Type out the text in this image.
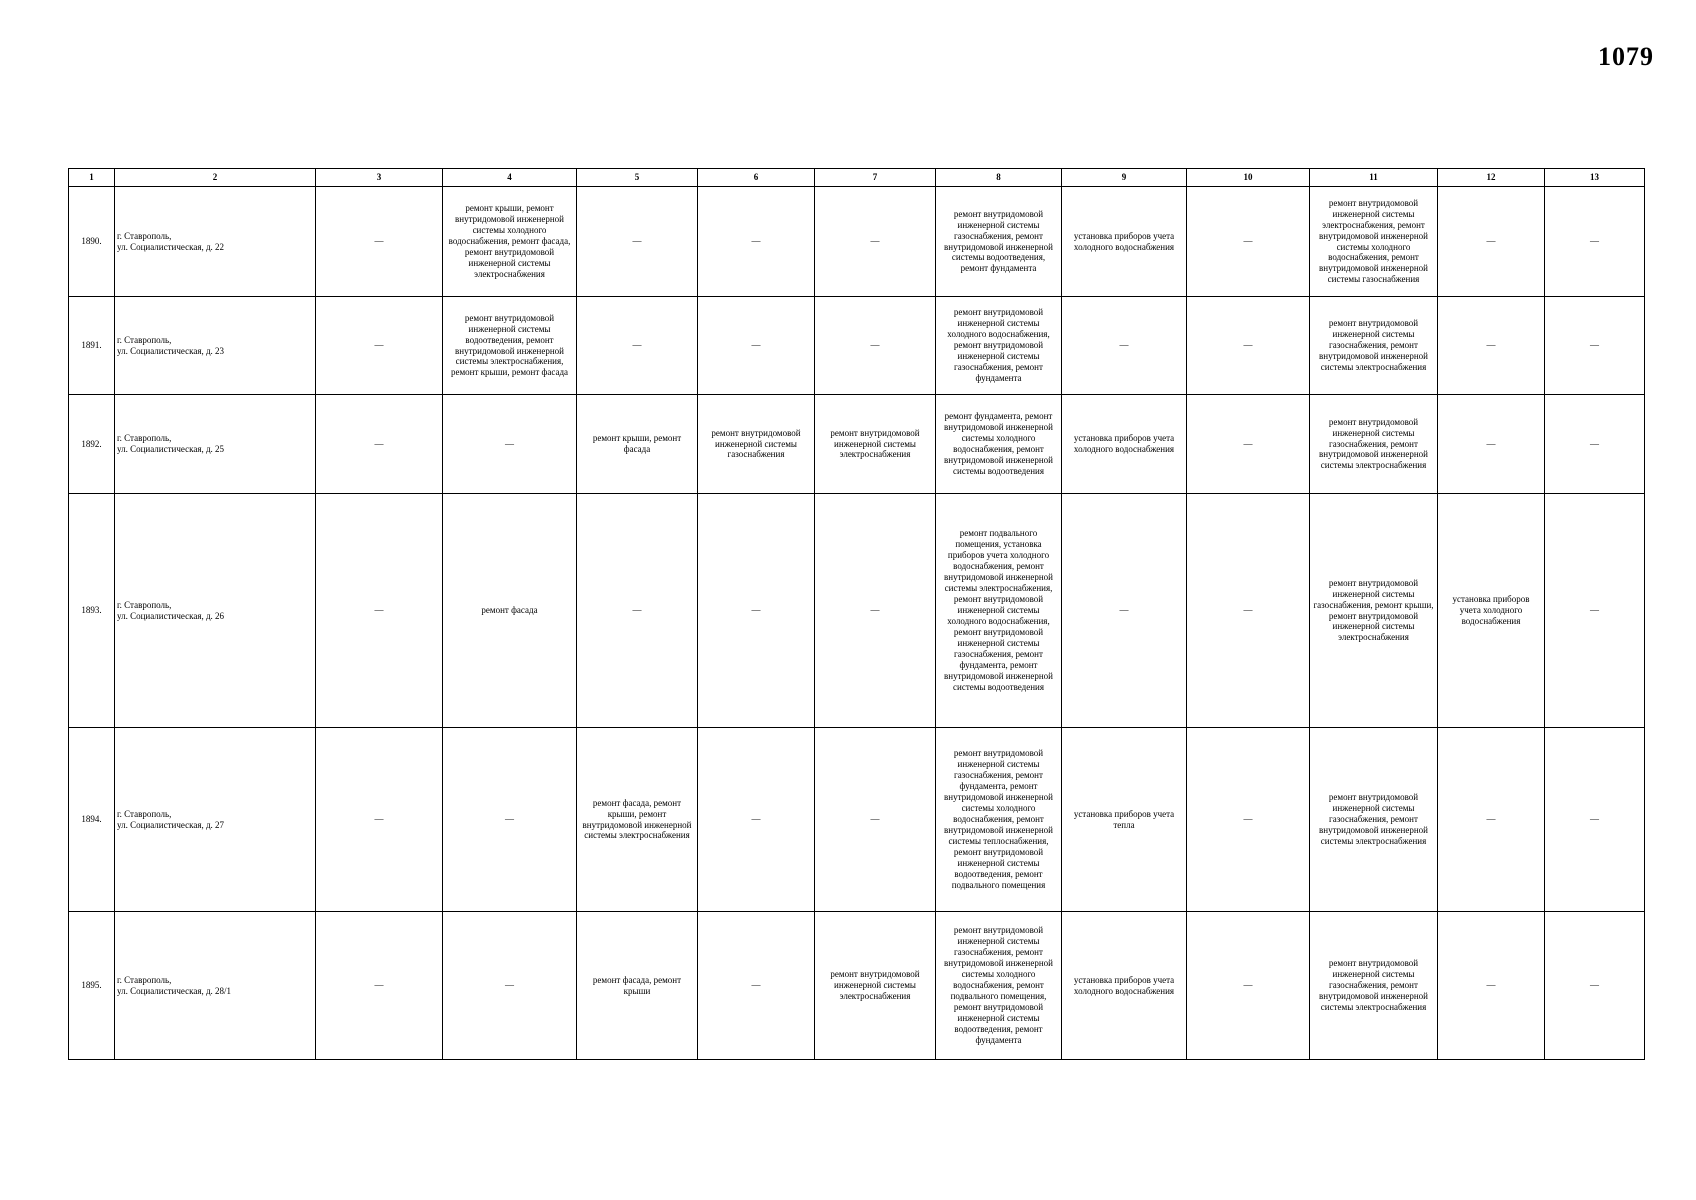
1079
1	2	3	4	5	6	7	8	9	10	11	12	13
1890.	г. Ставрополь,
ул. Социалистическая, д. 22	—	ремонт крыши, ремонт внутридомовой инженерной системы холодного водоснабжения, ремонт фасада, ремонт внутридомовой инженерной системы электроснабжения	—	—	—	ремонт внутридомовой инженерной системы газоснабжения, ремонт внутридомовой инженерной системы водоотведения, ремонт фундамента	установка приборов учета холодного водоснабжения	—	ремонт внутридомовой инженерной системы электроснабжения, ремонт внутридомовой инженерной системы холодного водоснабжения, ремонт внутридомовой инженерной системы газоснабжения	—	—
1891.	г. Ставрополь,
ул. Социалистическая, д. 23	—	ремонт внутридомовой инженерной системы водоотведения, ремонт внутридомовой инженерной системы электроснабжения, ремонт крыши, ремонт фасада	—	—	—	ремонт внутридомовой инженерной системы холодного водоснабжения, ремонт внутридомовой инженерной системы газоснабжения, ремонт фундамента	—	—	ремонт внутридомовой инженерной системы газоснабжения, ремонт внутридомовой инженерной системы электроснабжения	—	—
1892.	г. Ставрополь,
ул. Социалистическая, д. 25	—	—	ремонт крыши, ремонт фасада	ремонт внутридомовой инженерной системы газоснабжения	ремонт внутридомовой инженерной системы электроснабжения	ремонт фундамента, ремонт внутридомовой инженерной системы холодного водоснабжения, ремонт внутридомовой инженерной системы водоотведения	установка приборов учета холодного водоснабжения	—	ремонт внутридомовой инженерной системы газоснабжения, ремонт внутридомовой инженерной системы электроснабжения	—	—
1893.	г. Ставрополь,
ул. Социалистическая, д. 26	—	ремонт фасада	—	—	—	ремонт подвального помещения, установка приборов учета холодного водоснабжения, ремонт внутридомовой инженерной системы электроснабжения, ремонт внутридомовой инженерной системы холодного водоснабжения, ремонт внутридомовой инженерной системы газоснабжения, ремонт фундамента, ремонт внутридомовой инженерной системы водоотведения	—	—	ремонт внутридомовой инженерной системы газоснабжения, ремонт крыши, ремонт внутридомовой инженерной системы электроснабжения	установка приборов учета холодного водоснабжения	—
1894.	г. Ставрополь,
ул. Социалистическая, д. 27	—	—	ремонт фасада, ремонт крыши, ремонт внутридомовой инженерной системы электроснабжения	—	—	ремонт внутридомовой инженерной системы газоснабжения, ремонт фундамента, ремонт внутридомовой инженерной системы холодного водоснабжения, ремонт внутридомовой инженерной системы теплоснабжения, ремонт внутридомовой инженерной системы водоотведения, ремонт подвального помещения	установка приборов учета тепла	—	ремонт внутридомовой инженерной системы газоснабжения, ремонт внутридомовой инженерной системы электроснабжения	—	—
1895.	г. Ставрополь,
ул. Социалистическая, д. 28/1	—	—	ремонт фасада, ремонт крыши	—	ремонт внутридомовой инженерной системы электроснабжения	ремонт внутридомовой инженерной системы газоснабжения, ремонт внутридомовой инженерной системы холодного водоснабжения, ремонт подвального помещения, ремонт внутридомовой инженерной системы водоотведения, ремонт фундамента	установка приборов учета холодного водоснабжения	—	ремонт внутридомовой инженерной системы газоснабжения, ремонт внутридомовой инженерной системы электроснабжения	—	—
